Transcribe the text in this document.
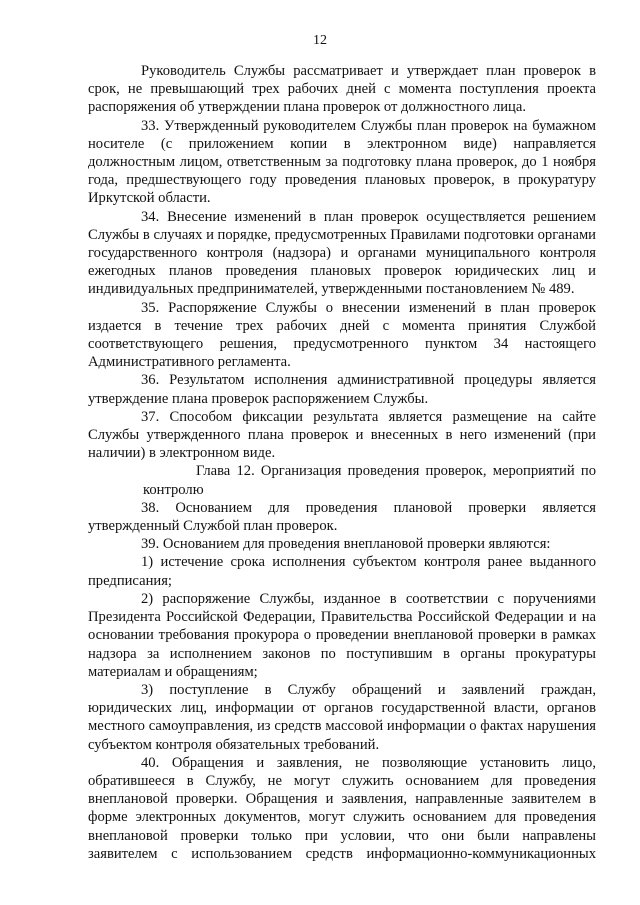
12

Руководитель Службы рассматривает и утверждает план проверок в срок, не превышающий трех рабочих дней с момента поступления проекта распоряжения об утверждении плана проверок от должностного лица.

33. Утвержденный руководителем Службы план проверок на бумажном носителе (с приложением копии в электронном виде) направляется должностным лицом, ответственным за подготовку плана проверок, до 1 ноября года, предшествующего году проведения плановых проверок, в прокуратуру Иркутской области.

34. Внесение изменений в план проверок осуществляется решением Службы в случаях и порядке, предусмотренных Правилами подготовки органами государственного контроля (надзора) и органами муниципального контроля ежегодных планов проведения плановых проверок юридических лиц и индивидуальных предпринимателей, утвержденными постановлением № 489.

35. Распоряжение Службы о внесении изменений в план проверок издается в течение трех рабочих дней с момента принятия Службой соответствующего решения, предусмотренного пунктом 34 настоящего Административного регламента.

36. Результатом исполнения административной процедуры является утверждение плана проверок распоряжением Службы.

37. Способом фиксации результата является размещение на сайте Службы утвержденного плана проверок и внесенных в него изменений (при наличии) в электронном виде.

Глава 12. Организация проведения проверок, мероприятий по контролю

38. Основанием для проведения плановой проверки является утвержденный Службой план проверок.

39. Основанием для проведения внеплановой проверки являются:

1) истечение срока исполнения субъектом контроля ранее выданного предписания;

2) распоряжение Службы, изданное в соответствии с поручениями Президента Российской Федерации, Правительства Российской Федерации и на основании требования прокурора о проведении внеплановой проверки в рамках надзора за исполнением законов по поступившим в органы прокуратуры материалам и обращениям;

3) поступление в Службу обращений и заявлений граждан, юридических лиц, информации от органов государственной власти, органов местного самоуправления, из средств массовой информации о фактах нарушения субъектом контроля обязательных требований.

40. Обращения и заявления, не позволяющие установить лицо, обратившееся в Службу, не могут служить основанием для проведения внеплановой проверки. Обращения и заявления, направленные заявителем в форме электронных документов, могут служить основанием для проведения внеплановой проверки только при условии, что они были направлены заявителем с использованием средств информационно-коммуникационных
